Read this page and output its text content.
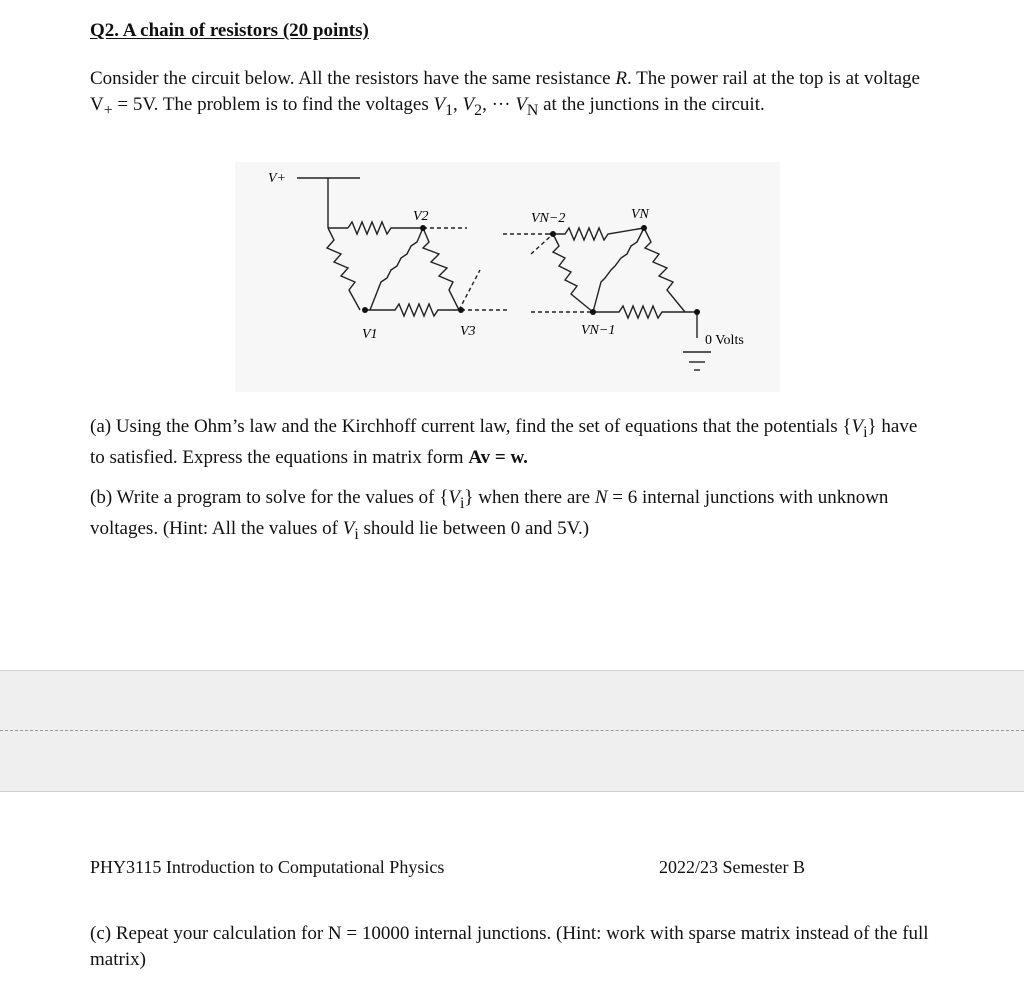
Q2. A chain of resistors (20 points)
Consider the circuit below. All the resistors have the same resistance R. The power rail at the top is at voltage $V_+ = 5V$. The problem is to find the voltages $V_1$, $V_2$, ··· $V_N$ at the junctions in the circuit.
V+
V2
V1	V3
VN−2	VN
VN−1
0 Volts
(a) Using the Ohm’s law and the Kirchhoff current law, find the set of equations that the potentials $\{V_i\}$ have to satisfied. Express the equations in matrix form Av = w.
(b) Write a program to solve for the values of $\{V_i\}$ when there are N = 6 internal junctions with unknown voltages. (Hint: All the values of $V_i$ should lie between 0 and 5V.)
PHY3115 Introduction to Computational Physics	2022/23 Semester B
(c) Repeat your calculation for N = 10000 internal junctions. (Hint: work with sparse matrix instead of the full matrix)
